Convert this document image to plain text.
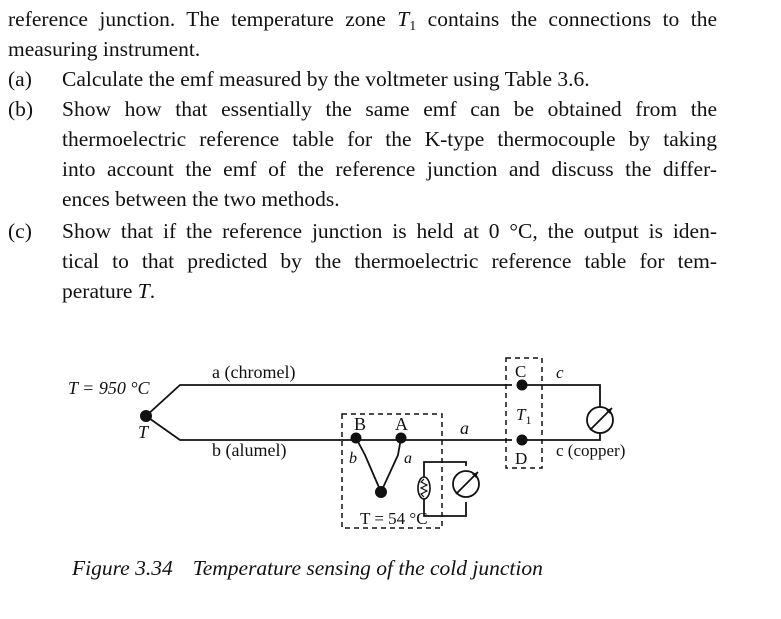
reference junction. The temperature zone $T_1$ contains the connections to the
measuring instrument.
(a) Calculate the emf measured by the voltmeter using Table 3.6.
(b) Show how that essentially the same emf can be obtained from the
thermoelectric reference table for the K-type thermocouple by taking
into account the emf of the reference junction and discuss the differ-
ences between the two methods.
(c) Show that if the reference junction is held at 0 °C, the output is iden-
tical to that predicted by the thermoelectric reference table for tem-
perature T.
T = 950 °C
T
a (chromel)
b (alumel)
B A	a
b	a
C
D
$T_1$
c
c (copper)
T = 54 °C
Figure 3.34 Temperature sensing of the cold junction
